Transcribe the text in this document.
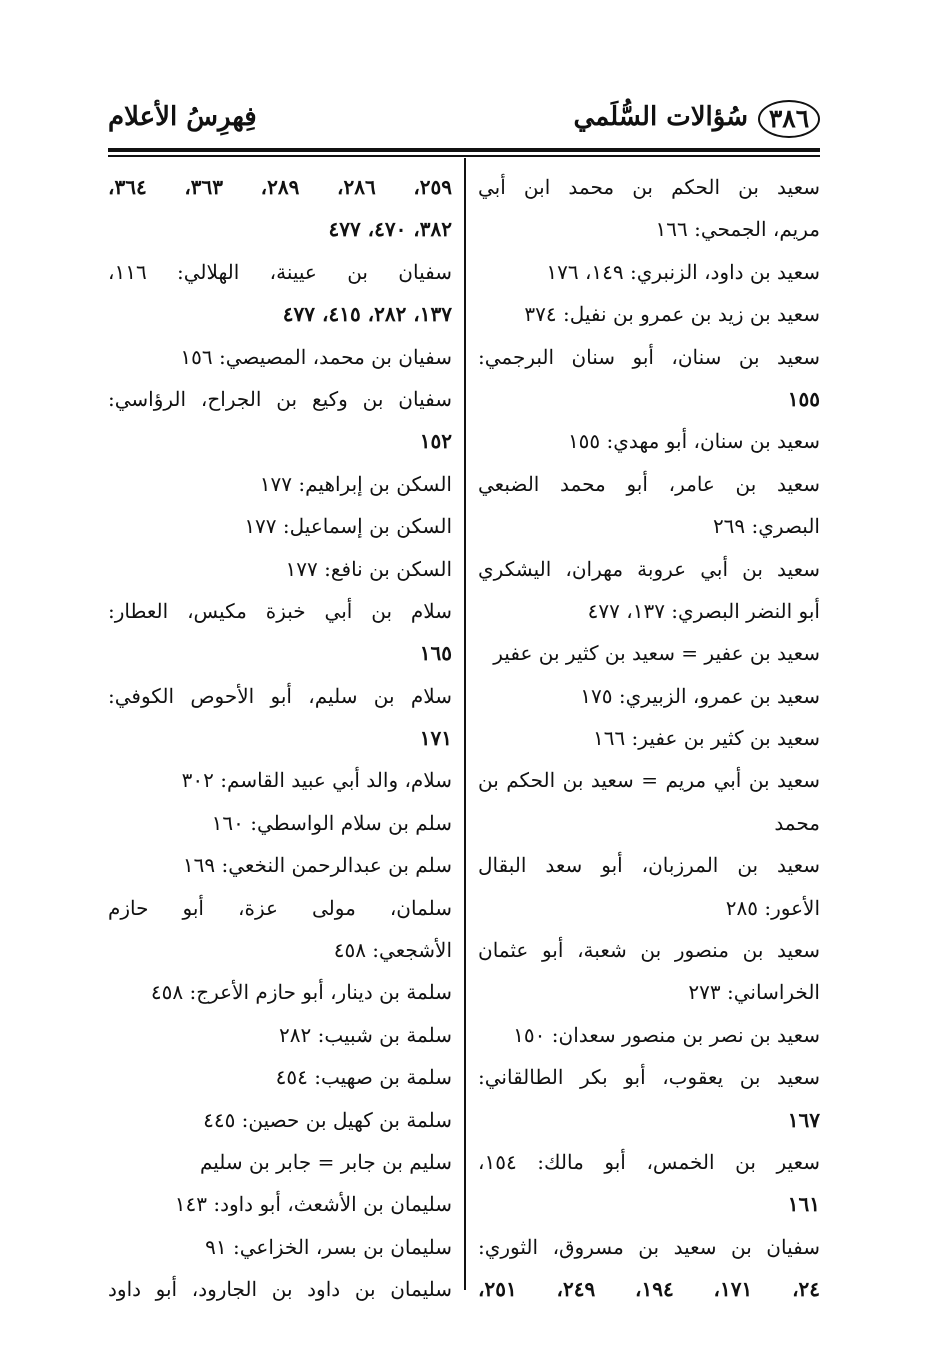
٣٨٦
سُؤالات السُّلَمي
فِهرِسُ الأعلام
سعيد بن الحكم بن محمد ابن أبي
مريم، الجمحي: ١٦٦
سعيد بن داود، الزنبري: ١٤٩، ١٧٦
سعيد بن زيد بن عمرو بن نفيل: ٣٧٤
سعيد بن سنان، أبو سنان البرجمي:
١٥٥
سعيد بن سنان، أبو مهدي: ١٥٥
سعيد بن عامر، أبو محمد الضبعي
البصري: ٢٦٩
سعيد بن أبي عروبة مهران، اليشكري
أبو النضر البصري: ١٣٧، ٤٧٧
سعيد بن عفير = سعيد بن كثير بن عفير
سعيد بن عمرو، الزبيري: ١٧٥
سعيد بن كثير بن عفير: ١٦٦
سعيد بن أبي مريم = سعيد بن الحكم بن
محمد
سعيد بن المرزبان، أبو سعد البقال
الأعور: ٢٨٥
سعيد بن منصور بن شعبة، أبو عثمان
الخراساني: ٢٧٣
سعيد بن نصر بن منصور سعدان: ١٥٠
سعيد بن يعقوب، أبو بكر الطالقاني:
١٦٧
سعير بن الخمس، أبو مالك: ١٥٤،
١٦١
سفيان بن سعيد بن مسروق، الثوري:
٢٤، ١٧١، ١٩٤، ٢٤٩، ٢٥١،
٢٥٩، ٢٨٦، ٢٨٩، ٣٦٣، ٣٦٤،
٣٨٢، ٤٧٠، ٤٧٧
سفيان بن عيينة، الهلالي: ١١٦،
١٣٧، ٢٨٢، ٤١٥، ٤٧٧
سفيان بن محمد، المصيصي: ١٥٦
سفيان بن وكيع بن الجراح، الرؤاسي:
١٥٢
السكن بن إبراهيم: ١٧٧
السكن بن إسماعيل: ١٧٧
السكن بن نافع: ١٧٧
سلام بن أبي خبزة مكيس، العطار:
١٦٥
سلام بن سليم، أبو الأحوص الكوفي:
١٧١
سلام، والد أبي عبيد القاسم: ٣٠٢
سلم بن سلام الواسطي: ١٦٠
سلم بن عبدالرحمن النخعي: ١٦٩
سلمان، مولى عزة، أبو حازم
الأشجعي: ٤٥٨
سلمة بن دينار، أبو حازم الأعرج: ٤٥٨
سلمة بن شبيب: ٢٨٢
سلمة بن صهيب: ٤٥٤
سلمة بن كهيل بن حصين: ٤٤٥
سليم بن جابر = جابر بن سليم
سليمان بن الأشعث، أبو داود: ١٤٣
سليمان بن بسر، الخزاعي: ٩١
سليمان بن داود بن الجارود، أبو داود
